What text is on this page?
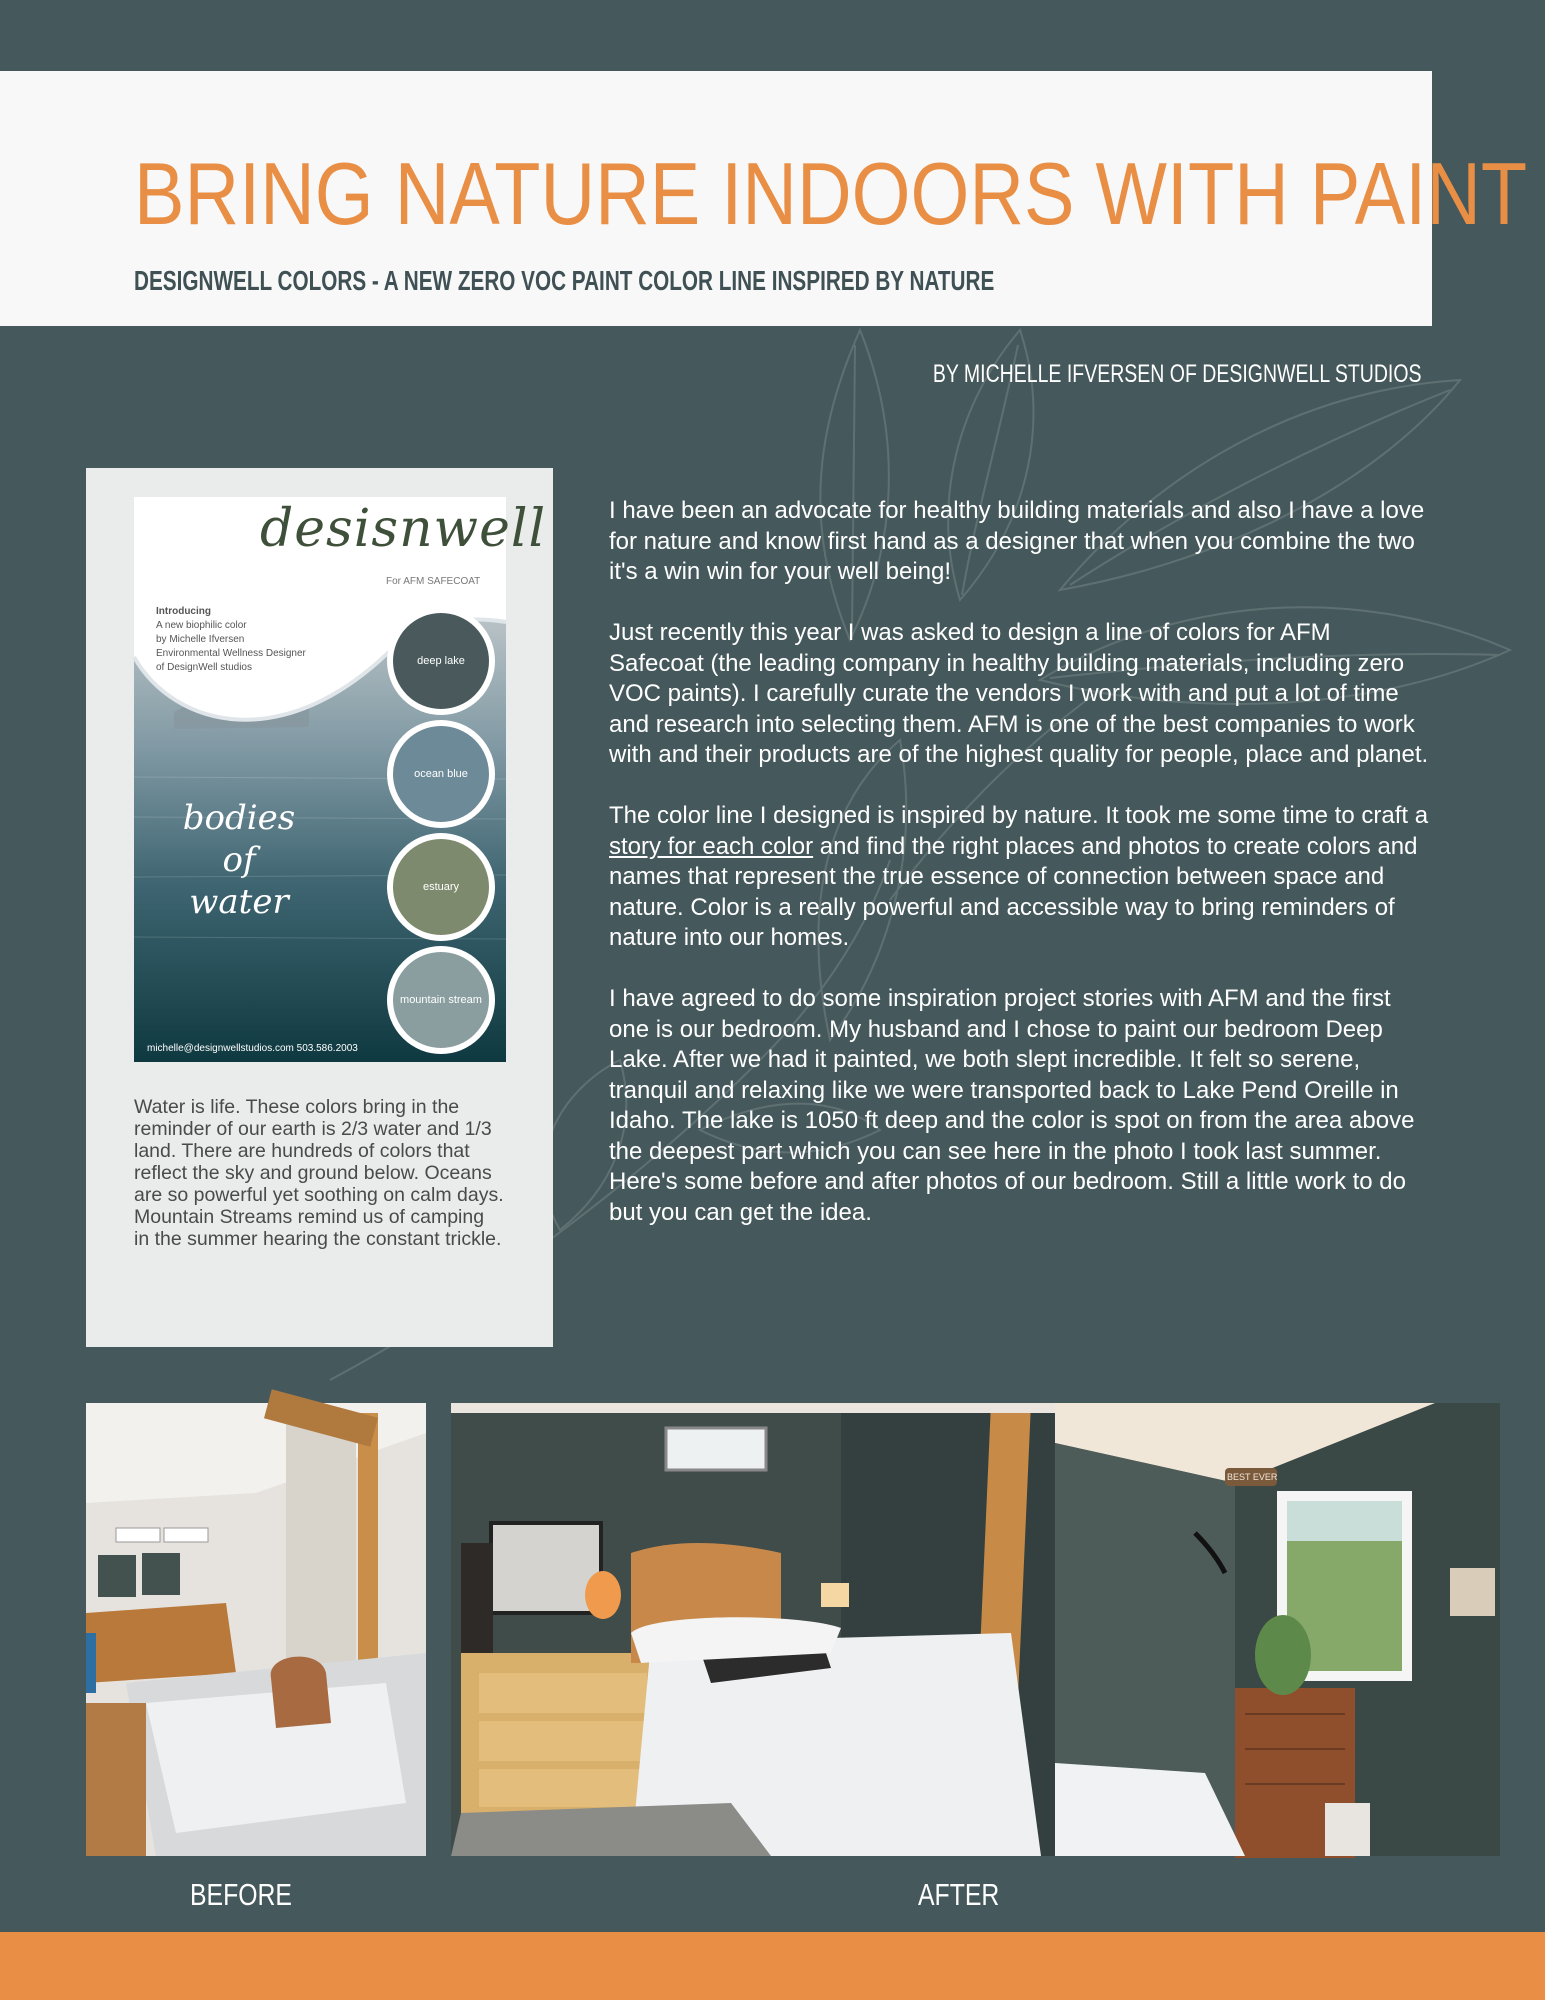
BRING NATURE INDOORS WITH PAINT
DESIGNWELL COLORS - A NEW ZERO VOC PAINT COLOR LINE INSPIRED BY NATURE

BY MICHELLE IFVERSEN OF DESIGNWELL STUDIOS

desisnwell

For AFM SAFECOAT

Introducing
A new biophilic color
by Michelle Ifversen
Environmental Wellness Designer
of DesignWell studios
bodies of
water
deep lake
ocean blue
estuary
mountain stream

michelle@designwellstudios.com 503.586.2003

Water is life. These colors bring in the reminder of our earth is 2/3 water and 1/3 land. There are hundreds of colors that reflect the sky and ground below. Oceans are so powerful yet soothing on calm days. Mountain Streams remind us of camping in the summer hearing the constant trickle.

I have been an advocate for healthy building materials and also I have a love for nature and know first hand as a designer that when you combine the two it's a win win for your well being!

Just recently this year I was asked to design a line of colors for AFM Safecoat (the leading company in healthy building materials, including zero VOC paints). I carefully curate the vendors I work with and put a lot of time and research into selecting them. AFM is one of the best companies to work with and their products are of the highest quality for people, place and planet.

The color line I designed is inspired by nature. It took me some time to craft a story for each color and find the right places and photos to create colors and names that represent the true essence of connection between space and nature. Color is a really powerful and accessible way to bring reminders of nature into our homes.

I have agreed to do some inspiration project stories with AFM and the first one is our bedroom. My husband and I chose to paint our bedroom Deep Lake. After we had it painted, we both slept incredible. It felt so serene, tranquil and relaxing like we were transported back to Lake Pend Oreille in Idaho. The lake is 1050 ft deep and the color is spot on from the area above the deepest part which you can see here in the photo I took last summer. Here's some before and after photos of our bedroom. Still a little work to do but you can get the idea.

BEST EVER

BEFORE	AFTER
